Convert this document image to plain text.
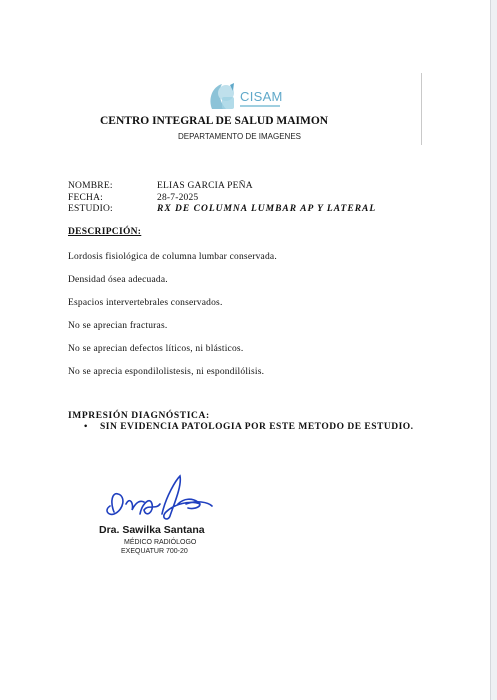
CISAM
CENTRO INTEGRAL DE SALUD MAIMON
DEPARTAMENTO DE IMAGENES
NOMBRE:	ELIAS GARCIA PEÑA
FECHA:	28-7-2025
ESTUDIO:	RX DE COLUMNA LUMBAR AP Y LATERAL
DESCRIPCIÓN:
Lordosis fisiológica de columna lumbar conservada.
Densidad ósea adecuada.
Espacios intervertebrales conservados.
No se aprecian fracturas.
No se aprecian defectos líticos, ni blásticos.
No se aprecia espondilolistesis, ni espondilólisis.
IMPRESIÓN DIAGNÓSTICA:
• SIN EVIDENCIA PATOLOGIA POR ESTE METODO DE ESTUDIO.
Dra. Sawilka Santana
MÉDICO RADIÓLOGO
EXEQUATUR 700-20
